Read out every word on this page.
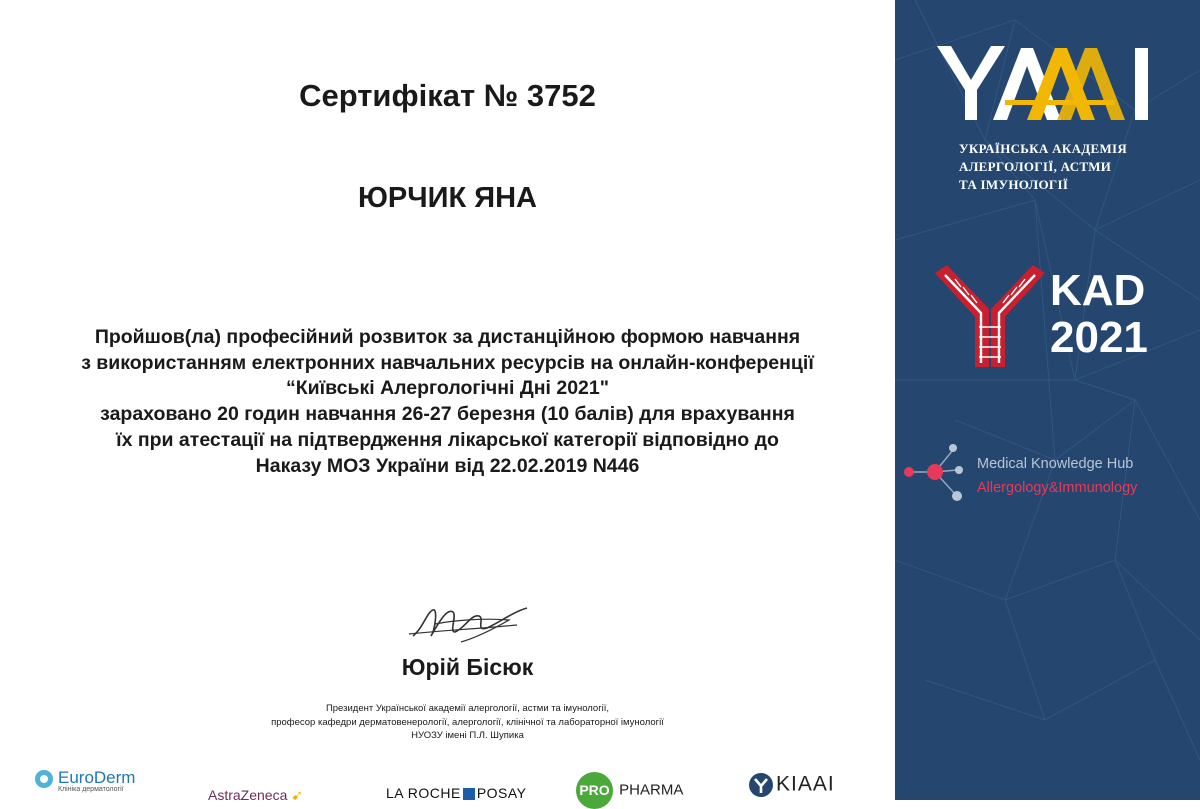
Сертифікат № 3752
ЮРЧИК ЯНА
Пройшов(ла) професійний розвиток за дистанційною формою навчання
з використанням електронних навчальних ресурсів на онлайн-конференції
“Київські Алергологічні Дні 2021"
зараховано 20 годин навчання 26-27 березня (10 балів) для врахування
їх при атестації на підтвердження лікарської категорії відповідно до
Наказу МОЗ України від 22.02.2019 N446
Юрій Бісюк
Президент Української академії алергології, астми та імунології,
професор кафедри дерматовенерології, алергології, клінічної та лабораторної імунології
НУОЗУ імені П.Л. Шупика
EuroDerm
Клініка дерматології	AstraZeneca ➹	LA ROCHE POSAY	PRO PHARMA	KIAAI
УКРАЇНСЬКА АКАДЕМІЯ
АЛЕРГОЛОГІЇ, АСТМИ
ТА ІМУНОЛОГІЇ
KAD
2021
Medical Knowledge Hub
Allergology&Immunology
